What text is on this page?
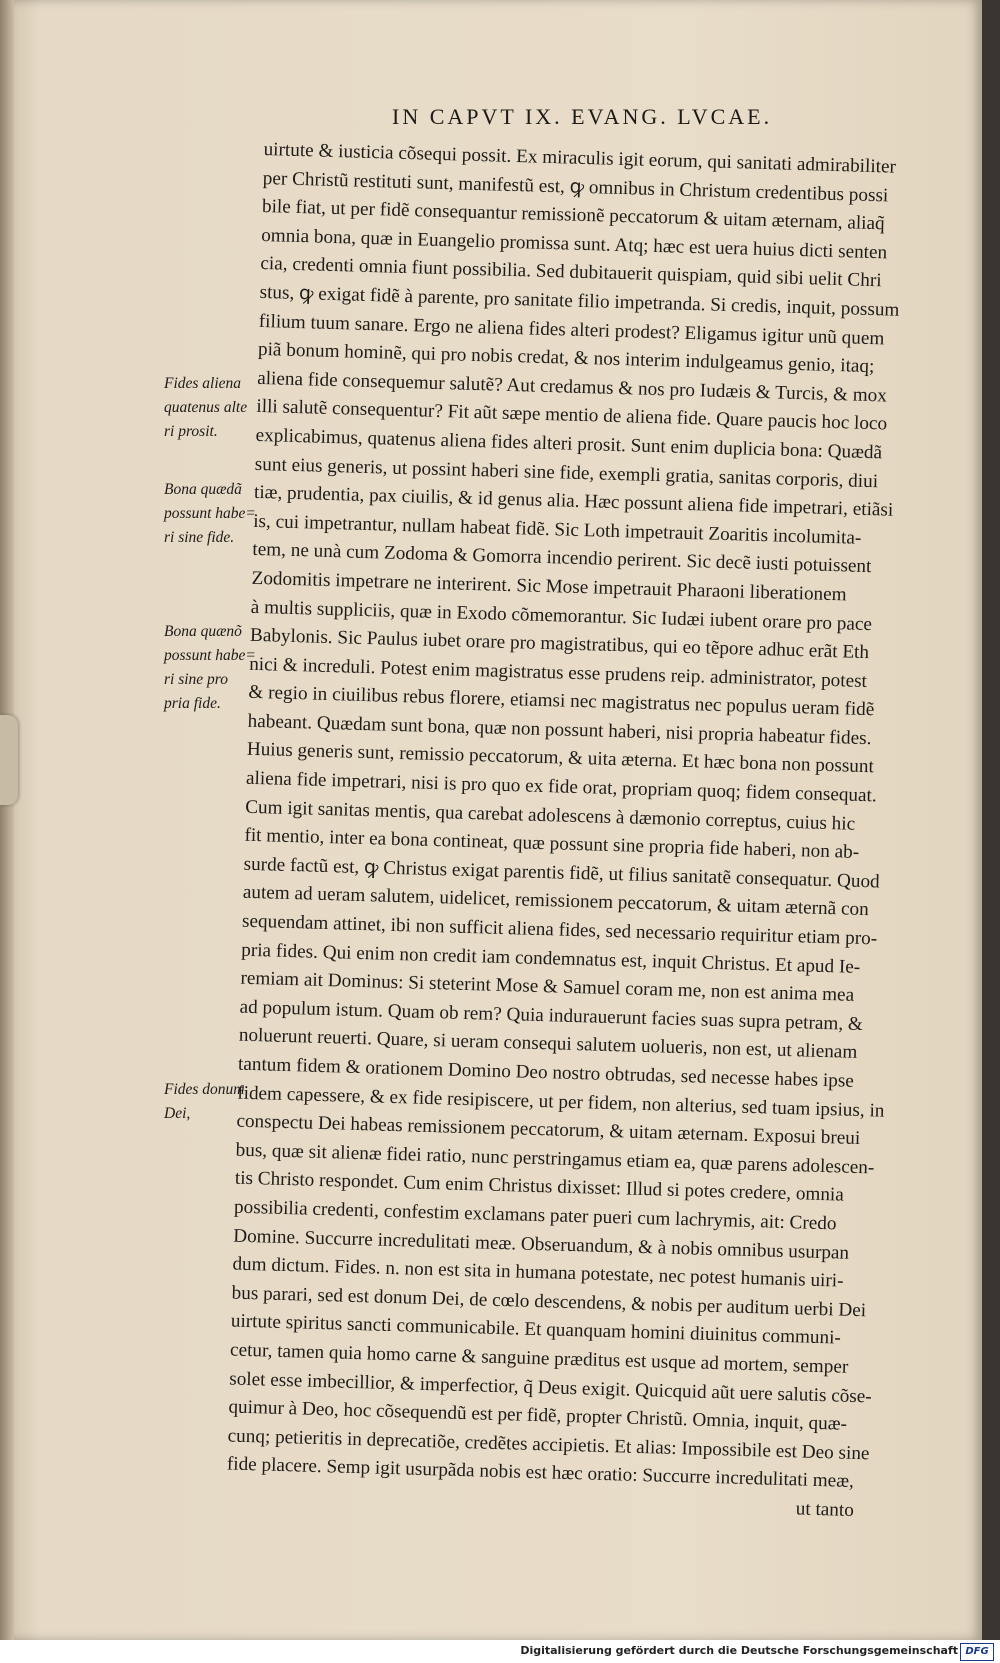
IN CAPVT IX. EVANG. LVCAE.
uirtute & iusticia cõsequi possit. Ex miraculis igit eorum, qui sanitati admirabiliter
per Christũ restituti sunt, manifestũ est, ꝙ omnibus in Christum credentibus possi
bile fiat, ut per fidẽ consequantur remissionẽ peccatorum & uitam æternam, aliaq̃
omnia bona, quæ in Euangelio promissa sunt. Atq; hæc est uera huius dicti senten
cia, credenti omnia fiunt possibilia. Sed dubitauerit quispiam, quid sibi uelit Chri
stus, ꝙ exigat fidẽ à parente, pro sanitate filio impetranda. Si credis, inquit, possum
filium tuum sanare. Ergo ne aliena fides alteri prodest? Eligamus igitur unũ quem
piã bonum hominẽ, qui pro nobis credat, & nos interim indulgeamus genio, itaq;
aliena fide consequemur salutẽ? Aut credamus & nos pro Iudæis & Turcis, & mox
illi salutẽ consequentur? Fit aũt sæpe mentio de aliena fide. Quare paucis hoc loco
explicabimus, quatenus aliena fides alteri prosit. Sunt enim duplicia bona: Quædã
sunt eius generis, ut possint haberi sine fide, exempli gratia, sanitas corporis, diui
tiæ, prudentia, pax ciuilis, & id genus alia. Hæc possunt aliena fide impetrari, etiãsi
is, cui impetrantur, nullam habeat fidẽ. Sic Loth impetrauit Zoaritis incolumita-
tem, ne unà cum Zodoma & Gomorra incendio perirent. Sic decẽ iusti potuissent
Zodomitis impetrare ne interirent. Sic Mose impetrauit Pharaoni liberationem
à multis suppliciis, quæ in Exodo cõmemorantur. Sic Iudæi iubent orare pro pace
Babylonis. Sic Paulus iubet orare pro magistratibus, qui eo tẽpore adhuc erãt Eth
nici & increduli. Potest enim magistratus esse prudens reip. administrator, potest
& regio in ciuilibus rebus florere, etiamsi nec magistratus nec populus ueram fidẽ
habeant. Quædam sunt bona, quæ non possunt haberi, nisi propria habeatur fides.
Huius generis sunt, remissio peccatorum, & uita æterna. Et hæc bona non possunt
aliena fide impetrari, nisi is pro quo ex fide orat, propriam quoq; fidem consequat.
Cum igit sanitas mentis, qua carebat adolescens à dæmonio correptus, cuius hic
fit mentio, inter ea bona contineat, quæ possunt sine propria fide haberi, non ab-
surde factũ est, ꝙ Christus exigat parentis fidẽ, ut filius sanitatẽ consequatur. Quod
autem ad ueram salutem, uidelicet, remissionem peccatorum, & uitam æternã con
sequendam attinet, ibi non sufficit aliena fides, sed necessario requiritur etiam pro-
pria fides. Qui enim non credit iam condemnatus est, inquit Christus. Et apud Ie-
remiam ait Dominus: Si steterint Mose & Samuel coram me, non est anima mea
ad populum istum. Quam ob rem? Quia indurauerunt facies suas supra petram, &
noluerunt reuerti. Quare, si ueram consequi salutem uolueris, non est, ut alienam
tantum fidem & orationem Domino Deo nostro obtrudas, sed necesse habes ipse
fidem capessere, & ex fide resipiscere, ut per fidem, non alterius, sed tuam ipsius, in
conspectu Dei habeas remissionem peccatorum, & uitam æternam. Exposui breui
bus, quæ sit alienæ fidei ratio, nunc perstringamus etiam ea, quæ parens adolescen-
tis Christo respondet. Cum enim Christus dixisset: Illud si potes credere, omnia
possibilia credenti, confestim exclamans pater pueri cum lachrymis, ait: Credo
Domine. Succurre incredulitati meæ. Obseruandum, & à nobis omnibus usurpan
dum dictum. Fides. n. non est sita in humana potestate, nec potest humanis uiri-
bus parari, sed est donum Dei, de cœlo descendens, & nobis per auditum uerbi Dei
uirtute spiritus sancti communicabile. Et quanquam homini diuinitus communi-
cetur, tamen quia homo carne & sanguine præditus est usque ad mortem, semper
solet esse imbecillior, & imperfectior, q̃ Deus exigit. Quicquid aũt uere salutis cõse-
quimur à Deo, hoc cõsequendũ est per fidẽ, propter Christũ. Omnia, inquit, quæ-
cunq; petieritis in deprecatiõe, credẽtes accipietis. Et alias: Impossibile est Deo sine
fide placere. Semp igit usurpãda nobis est hæc oratio: Succurre incredulitati meæ,
ut tanto
Fides aliena
quatenus alte
ri prosit.
Bona quædã
possunt habe=
ri sine fide.
Bona quænõ
possunt habe=
ri sine pro
pria fide.
Fides donum
Dei,
Digitalisierung gefördert durch die Deutsche Forschungsgemeinschaft DFG
